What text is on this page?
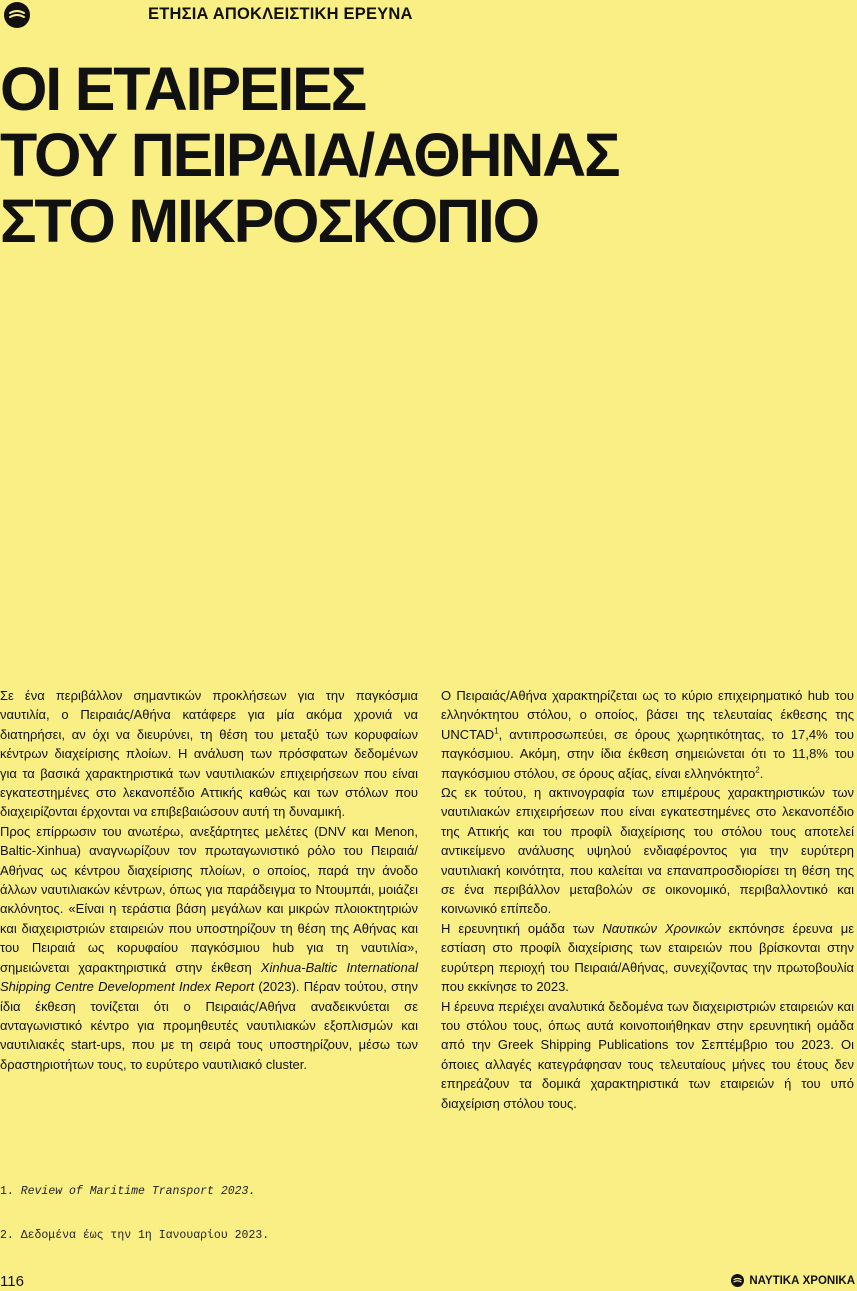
ΕΤΗΣΙΑ ΑΠΟΚΛΕΙΣΤΙΚΗ ΕΡΕΥΝΑ
ΟΙ ΕΤΑΙΡΕΙΕΣ
ΤΟΥ ΠΕΙΡΑΙΑ/ΑΘΗΝΑΣ
ΣΤΟ ΜΙΚΡΟΣΚΟΠΙΟ

Σε ένα περιβάλλον σημαντικών προκλήσεων για την παγκόσμια ναυτιλία, ο Πειραιάς/Αθήνα κατάφερε για μία ακόμα χρονιά να διατηρήσει, αν όχι να διευρύνει, τη θέση του μεταξύ των κορυφαίων κέντρων διαχείρισης πλοίων. Η ανάλυση των πρόσφατων δεδομένων για τα βασικά χαρακτηριστικά των ναυτιλιακών επιχειρήσεων που είναι εγκατεστημένες στο λεκανοπέδιο Αττικής καθώς και των στόλων που διαχειρίζονται έρχονται να επιβεβαιώσουν αυτή τη δυναμική.

Προς επίρρωσιν του ανωτέρω, ανεξάρτητες μελέτες (DNV και Menon, Baltic-Xinhua) αναγνωρίζουν τον πρωταγωνιστικό ρόλο του Πειραιά/Αθήνας ως κέντρου διαχείρισης πλοίων, ο οποίος, παρά την άνοδο άλλων ναυτιλιακών κέντρων, όπως για παράδειγμα το Ντουμπάι, μοιάζει ακλόνητος. «Είναι η τεράστια βάση μεγάλων και μικρών πλοιοκτητριών και διαχειριστριών εταιρειών που υποστηρίζουν τη θέση της Αθήνας και του Πειραιά ως κορυφαίου παγκόσμιου hub για τη ναυτιλία», σημειώνεται χαρακτηριστικά στην έκθεση Xinhua-Baltic International Shipping Centre Development Index Report (2023). Πέραν τούτου, στην ίδια έκθεση τονίζεται ότι ο Πειραιάς/Αθήνα αναδεικνύεται σε ανταγωνιστικό κέντρο για προμηθευτές ναυτιλιακών εξοπλισμών και ναυτιλιακές start-ups, που με τη σειρά τους υποστηρίζουν, μέσω των δραστηριοτήτων τους, το ευρύτερο ναυτιλιακό cluster.

Ο Πειραιάς/Αθήνα χαρακτηρίζεται ως το κύριο επιχειρηματικό hub του ελληνόκτητου στόλου, ο οποίος, βάσει της τελευταίας έκθεσης της UNCTAD$^1$, αντιπροσωπεύει, σε όρους χωρητικότητας, το 17,4% του παγκόσμιου. Ακόμη, στην ίδια έκθεση σημειώνεται ότι το 11,8% του παγκόσμιου στόλου, σε όρους αξίας, είναι ελληνόκτητο$^2$.

Ως εκ τούτου, η ακτινογραφία των επιμέρους χαρακτηριστικών των ναυτιλιακών επιχειρήσεων που είναι εγκατεστημένες στο λεκανοπέδιο της Αττικής και του προφίλ διαχείρισης του στόλου τους αποτελεί αντικείμενο ανάλυσης υψηλού ενδιαφέροντος για την ευρύτερη ναυτιλιακή κοινότητα, που καλείται να επαναπροσδιορίσει τη θέση της σε ένα περιβάλλον μεταβολών σε οικονομικό, περιβαλλοντικό και κοινωνικό επίπεδο.

Η ερευνητική ομάδα των Ναυτικών Χρονικών εκπόνησε έρευνα με εστίαση στο προφίλ διαχείρισης των εταιρειών που βρίσκονται στην ευρύτερη περιοχή του Πειραιά/Αθήνας, συνεχίζοντας την πρωτοβουλία που εκκίνησε το 2023.

Η έρευνα περιέχει αναλυτικά δεδομένα των διαχειριστριών εταιρειών και του στόλου τους, όπως αυτά κοινοποιήθηκαν στην ερευνητική ομάδα από την Greek Shipping Publications τον Σεπτέμβριο του 2023. Οι όποιες αλλαγές κατεγράφησαν τους τελευταίους μήνες του έτους δεν επηρεάζουν τα δομικά χαρακτηριστικά των εταιρειών ή του υπό διαχείριση στόλου τους.

1. Review of Maritime Transport 2023.
2. Δεδομένα έως την 1η Ιανουαρίου 2023.
116	ΝΑΥΤΙΚΑ ΧΡΟΝΙΚΑ
